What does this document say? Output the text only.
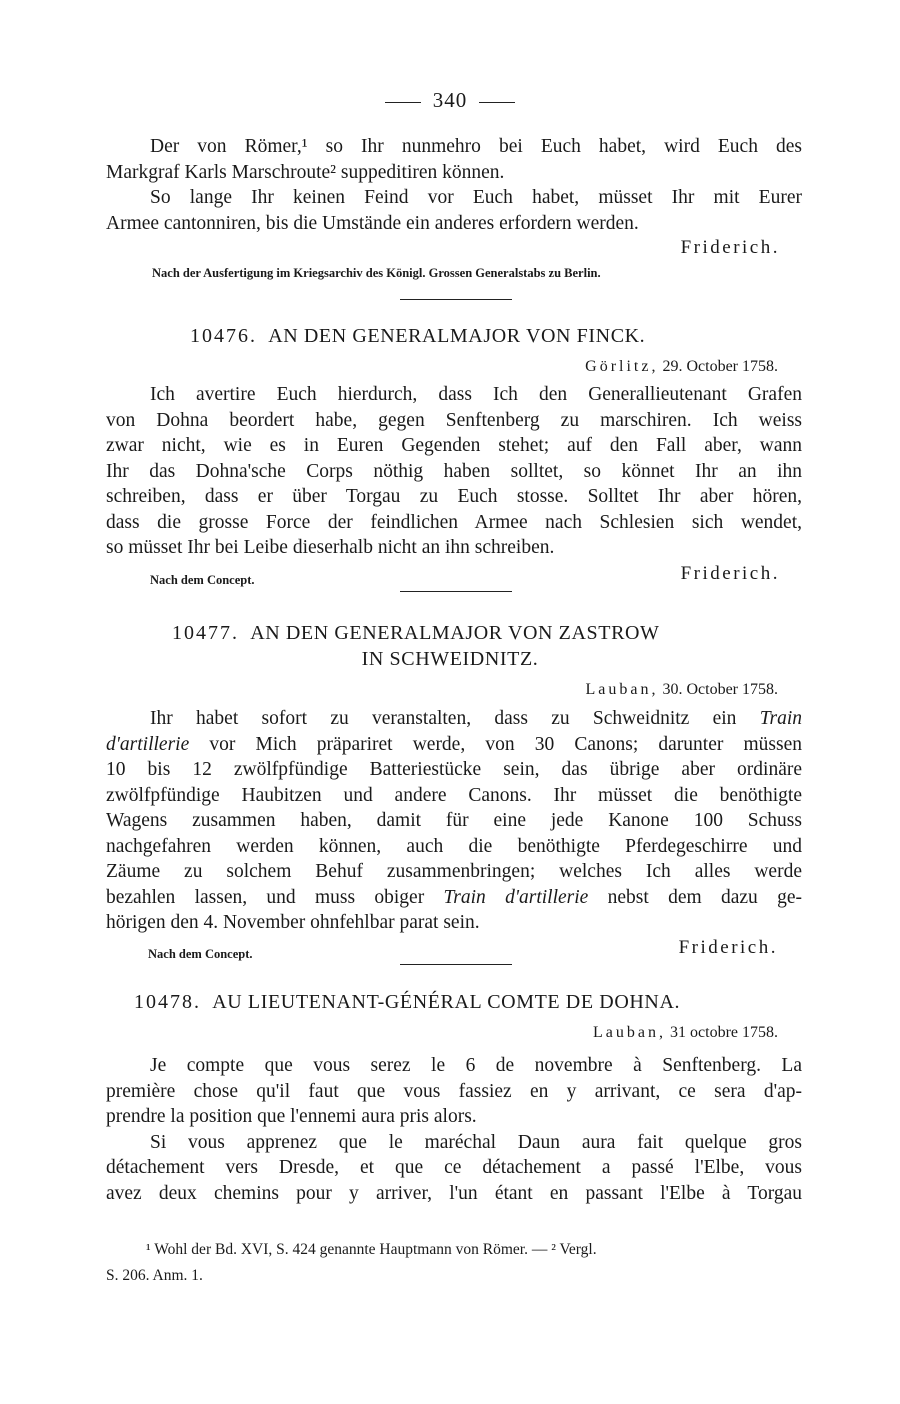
340
Der von Römer,¹ so Ihr nunmehro bei Euch habet, wird Euch des
Markgraf Karls Marschroute² suppeditiren können.
So lange Ihr keinen Feind vor Euch habet, müsset Ihr mit Eurer
Armee cantonniren, bis die Umstände ein anderes erfordern werden.
Friderich.
Nach der Ausfertigung im Kriegsarchiv des Königl. Grossen Generalstabs zu Berlin.
10476. AN DEN GENERALMAJOR VON FINCK.
Görlitz, 29. October 1758.
Ich avertire Euch hierdurch, dass Ich den Generallieutenant Grafen
von Dohna beordert habe, gegen Senftenberg zu marschiren. Ich weiss
zwar nicht, wie es in Euren Gegenden stehet; auf den Fall aber, wann
Ihr das Dohna'sche Corps nöthig haben solltet, so könnet Ihr an ihn
schreiben, dass er über Torgau zu Euch stosse. Solltet Ihr aber hören,
dass die grosse Force der feindlichen Armee nach Schlesien sich wendet,
so müsset Ihr bei Leibe dieserhalb nicht an ihn schreiben.
Nach dem Concept.	Friderich.
10477. AN DEN GENERALMAJOR VON ZASTROW
IN SCHWEIDNITZ.
Lauban, 30. October 1758.
Ihr habet sofort zu veranstalten, dass zu Schweidnitz ein Train
d'artillerie vor Mich präpariret werde, von 30 Canons; darunter müssen
10 bis 12 zwölfpfündige Batteriestücke sein, das übrige aber ordinäre
zwölfpfündige Haubitzen und andere Canons. Ihr müsset die benöthigte
Wagens zusammen haben, damit für eine jede Kanone 100 Schuss
nachgefahren werden können, auch die benöthigte Pferdegeschirre und
Zäume zu solchem Behuf zusammenbringen; welches Ich alles werde
bezahlen lassen, und muss obiger Train d'artillerie nebst dem dazu ge-
hörigen den 4. November ohnfehlbar parat sein.
Nach dem Concept.	Friderich.
10478. AU LIEUTENANT-GÉNÉRAL COMTE DE DOHNA.
Lauban, 31 octobre 1758.
Je compte que vous serez le 6 de novembre à Senftenberg. La
première chose qu'il faut que vous fassiez en y arrivant, ce sera d'ap-
prendre la position que l'ennemi aura pris alors.
Si vous apprenez que le maréchal Daun aura fait quelque gros
détachement vers Dresde, et que ce détachement a passé l'Elbe, vous
avez deux chemins pour y arriver, l'un étant en passant l'Elbe à Torgau
¹ Wohl der Bd. XVI, S. 424 genannte Hauptmann von Römer. — ² Vergl.
S. 206. Anm. 1.
